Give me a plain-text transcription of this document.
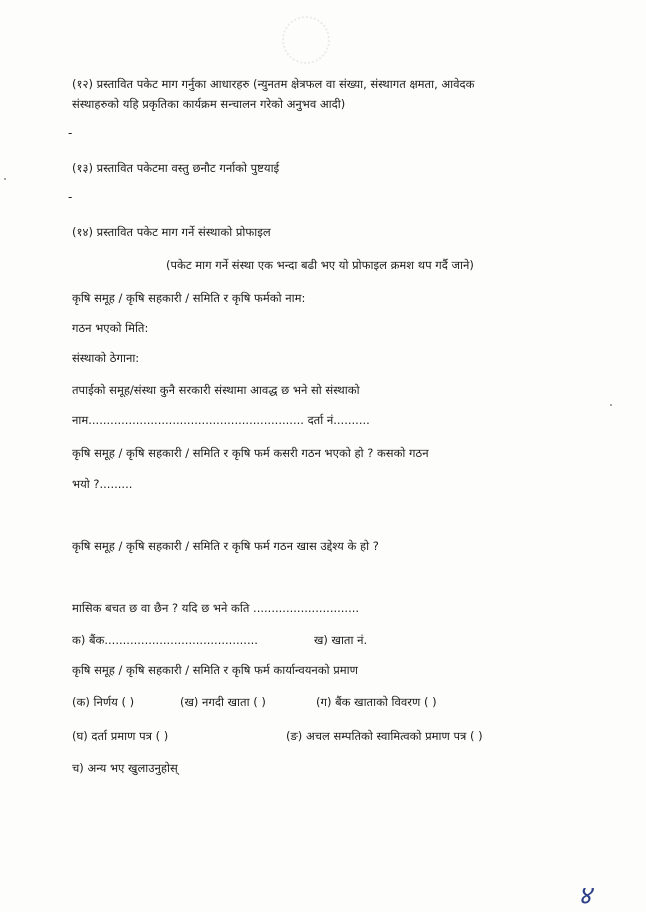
(१२) प्रस्तावित पकेट माग गर्नुका आधारहरु (न्युनतम क्षेत्रफल वा संख्या, संस्थागत क्षमता, आवेदक
संस्थाहरुको यहि प्रकृतिका कार्यक्रम सन्चालन गरेको अनुभव आदी)
-
(१३) प्रस्तावित पकेटमा वस्तु छनौट गर्नाको पुष्टयाई
-
(१४) प्रस्तावित पकेट माग गर्ने संस्थाको प्रोफाइल
(पकेट माग गर्ने संस्था एक भन्दा बढी भए यो प्रोफाइल क्रमश थप गर्दै जाने)
कृषि समूह / कृषि सहकारी / समिति र कृषि फर्मको नाम:
गठन भएको मिति:
संस्थाको ठेगाना:
तपाईको समूह/संस्था कुनै सरकारी संस्थामा आवद्ध छ भने सो संस्थाको
नाम........................................................... दर्ता नं..........
कृषि समूह / कृषि सहकारी / समिति र कृषि फर्म कसरी गठन भएको हो ? कसको गठन
भयो ?.........
कृषि समूह / कृषि सहकारी / समिति र कृषि फर्म गठन खास उद्देश्य के हो ?
मासिक बचत छ वा छैन ? यदि छ भने कति .............................
क) बैंक..........................................	ख) खाता नं.
कृषि समूह / कृषि सहकारी / समिति र कृषि फर्म कार्यान्वयनको प्रमाण
(क) निर्णय ( )	(ख) नगदी खाता ( )	(ग) बैंक खाताको विवरण ( )
(घ) दर्ता प्रमाण पत्र ( )	(ङ) अचल सम्पतिको स्वामित्वको प्रमाण पत्र ( )
च) अन्य भए खुलाउनुहोस्
४
